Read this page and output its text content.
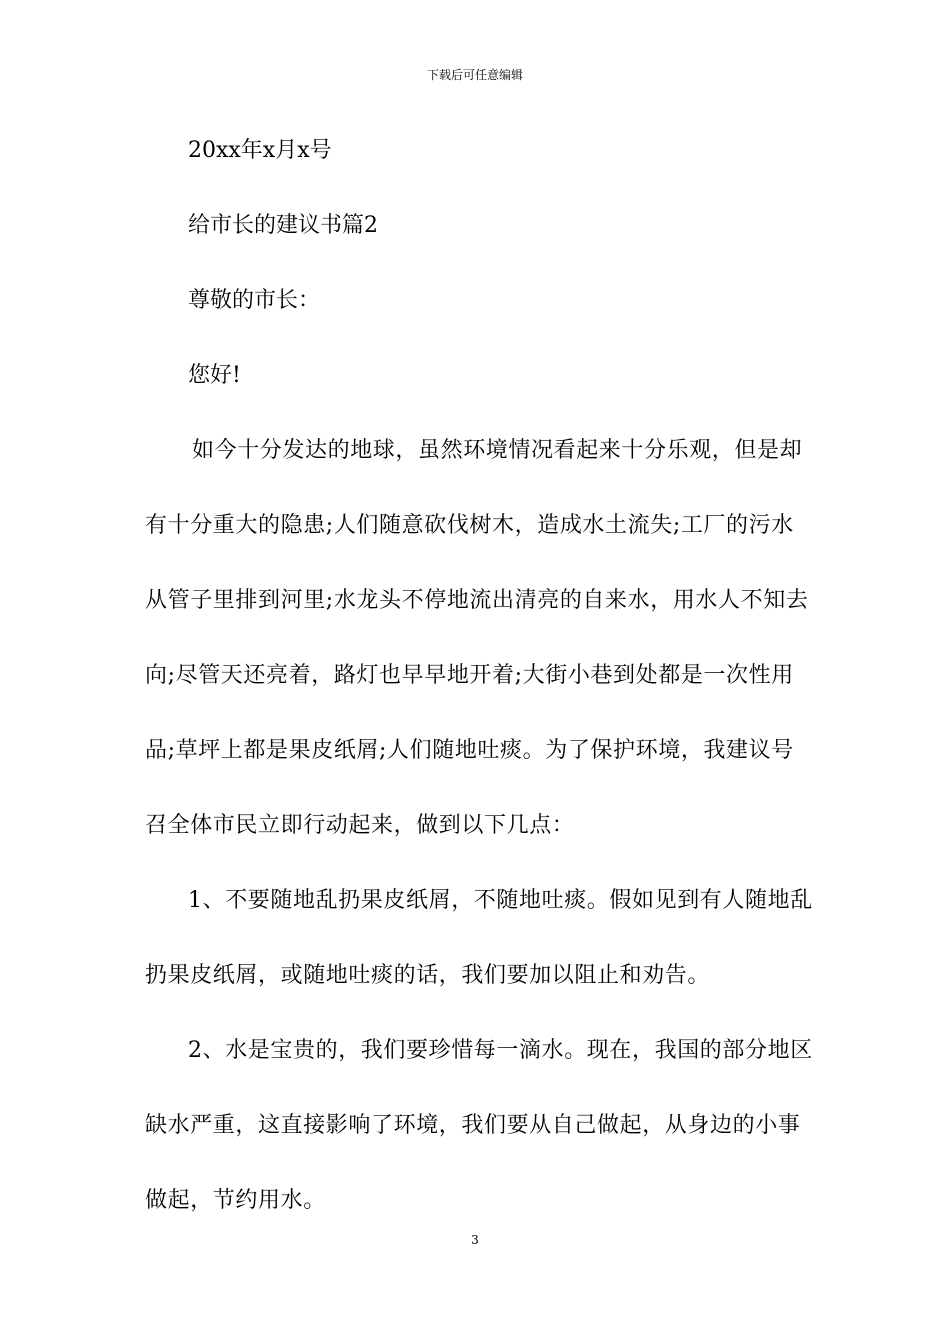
下载后可任意编辑
20xx年x月x号
给市长的建议书篇2
尊敬的市长：
您好!
如今十分发达的地球，虽然环境情况看起来十分乐观，但是却
有十分重大的隐患;人们随意砍伐树木，造成水土流失;工厂的污水
从管子里排到河里;水龙头不停地流出清亮的自来水，用水人不知去
向;尽管天还亮着，路灯也早早地开着;大街小巷到处都是一次性用
品;草坪上都是果皮纸屑;人们随地吐痰。为了保护环境，我建议号
召全体市民立即行动起来，做到以下几点：
1、不要随地乱扔果皮纸屑，不随地吐痰。假如见到有人随地乱
扔果皮纸屑，或随地吐痰的话，我们要加以阻止和劝告。
2、水是宝贵的，我们要珍惜每一滴水。现在，我国的部分地区
缺水严重，这直接影响了环境，我们要从自己做起，从身边的小事
做起，节约用水。
3
